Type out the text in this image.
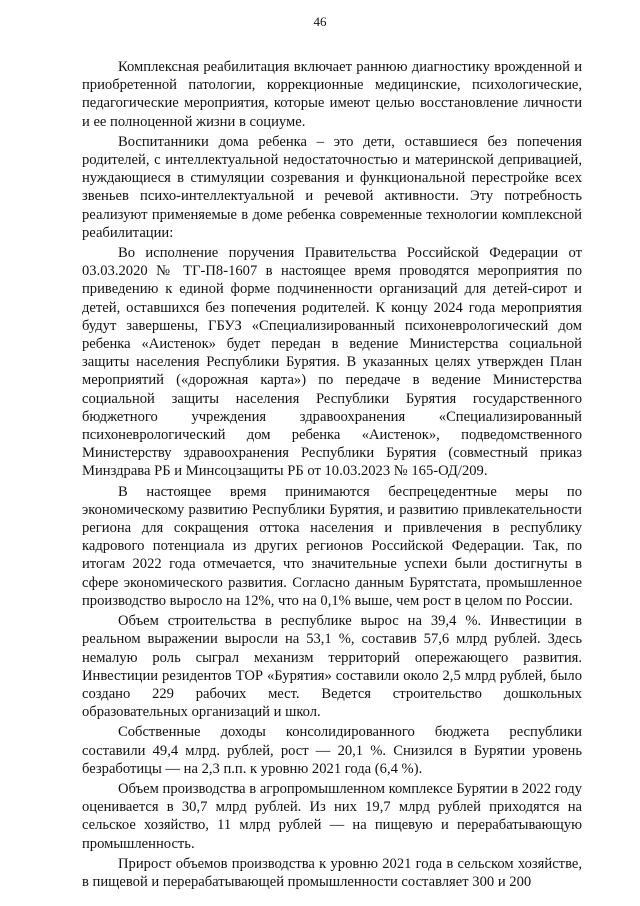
46

Комплексная реабилитация включает раннюю диагностику врожденной и приобретенной патологии, коррекционные медицинские, психологические, педагогические мероприятия, которые имеют целью восстановление личности и ее полноценной жизни в социуме.

Воспитанники дома ребенка – это дети, оставшиеся без попечения родителей, с интеллектуальной недостаточностью и материнской депривацией, нуждающиеся в стимуляции созревания и функциональной перестройке всех звеньев психо-интеллектуальной и речевой активности. Эту потребность реализуют применяемые в доме ребенка современные технологии комплексной реабилитации:

Во исполнение поручения Правительства Российской Федерации от 03.03.2020 № ТГ-П8-1607 в настоящее время проводятся мероприятия по приведению к единой форме подчиненности организаций для детей-сирот и детей, оставшихся без попечения родителей. К концу 2024 года мероприятия будут завершены, ГБУЗ «Специализированный психоневрологический дом ребенка «Аистенок» будет передан в ведение Министерства социальной защиты населения Республики Бурятия. В указанных целях утвержден План мероприятий («дорожная карта») по передаче в ведение Министерства социальной защиты населения Республики Бурятия государственного бюджетного учреждения здравоохранения «Специализированный психоневрологический дом ребенка «Аистенок», подведомственного Министерству здравоохранения Республики Бурятия (совместный приказ Минздрава РБ и Минсоцзащиты РБ от 10.03.2023 № 165-ОД/209.

В настоящее время принимаются беспрецедентные меры по экономическому развитию Республики Бурятия, и развитию привлекательности региона для сокращения оттока населения и привлечения в республику кадрового потенциала из других регионов Российской Федерации. Так, по итогам 2022 года отмечается, что значительные успехи были достигнуты в сфере экономического развития. Согласно данным Бурятстата, промышленное производство выросло на 12%, что на 0,1% выше, чем рост в целом по России.

Объем строительства в республике вырос на 39,4 %. Инвестиции в реальном выражении выросли на 53,1 %, составив 57,6 млрд рублей. Здесь немалую роль сыграл механизм территорий опережающего развития. Инвестиции резидентов ТОР «Бурятия» составили около 2,5 млрд рублей, было создано 229 рабочих мест. Ведется строительство дошкольных образовательных организаций и школ.

Собственные доходы консолидированного бюджета республики составили 49,4 млрд. рублей, рост — 20,1 %. Снизился в Бурятии уровень безработицы — на 2,3 п.п. к уровню 2021 года (6,4 %).

Объем производства в агропромышленном комплексе Бурятии в 2022 году оценивается в 30,7 млрд рублей. Из них 19,7 млрд рублей приходятся на сельское хозяйство, 11 млрд рублей — на пищевую и перерабатывающую промышленность.

Прирост объемов производства к уровню 2021 года в сельском хозяйстве, в пищевой и перерабатывающей промышленности составляет 300 и 200
